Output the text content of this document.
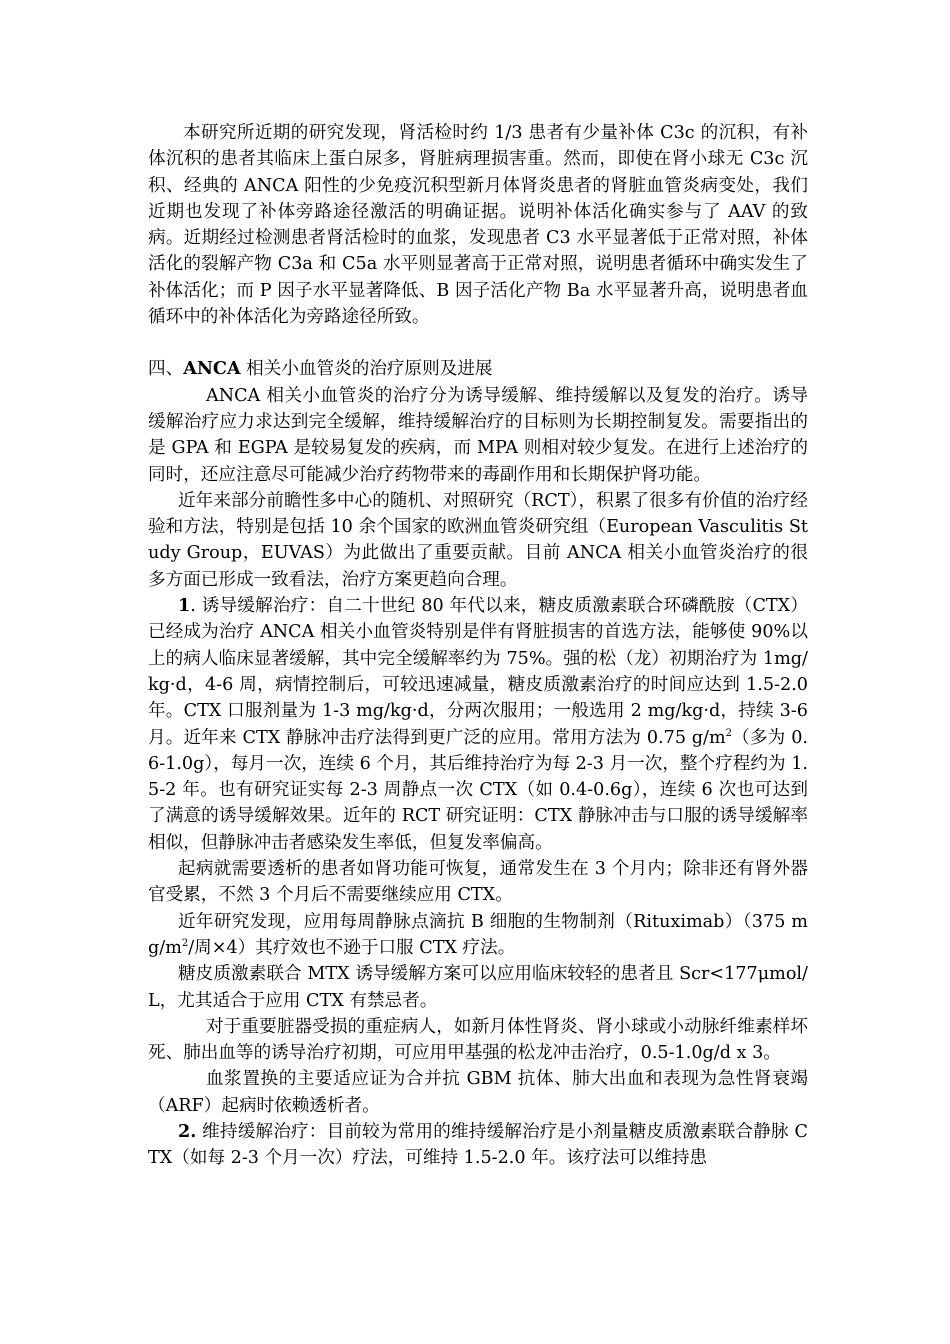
本研究所近期的研究发现，肾活检时约 1/3 患者有少量补体 C3c 的沉积，有补体沉积的患者其临床上蛋白尿多，肾脏病理损害重。然而，即使在肾小球无 C3c 沉积、经典的 ANCA 阳性的少免疫沉积型新月体肾炎患者的肾脏血管炎病变处，我们近期也发现了补体旁路途径激活的明确证据。说明补体活化确实参与了 AAV 的致病。近期经过检测患者肾活检时的血浆，发现患者 C3 水平显著低于正常对照，补体活化的裂解产物 C3a 和 C5a 水平则显著高于正常对照，说明患者循环中确实发生了补体活化；而 P 因子水平显著降低、B 因子活化产物 Ba 水平显著升高，说明患者血循环中的补体活化为旁路途径所致。

四、ANCA 相关小血管炎的治疗原则及进展

ANCA 相关小血管炎的治疗分为诱导缓解、维持缓解以及复发的治疗。诱导缓解治疗应力求达到完全缓解，维持缓解治疗的目标则为长期控制复发。需要指出的是 GPA 和 EGPA 是较易复发的疾病，而 MPA 则相对较少复发。在进行上述治疗的同时，还应注意尽可能减少治疗药物带来的毒副作用和长期保护肾功能。

近年来部分前瞻性多中心的随机、对照研究（RCT），积累了很多有价值的治疗经验和方法，特别是包括 10 余个国家的欧洲血管炎研究组（European Vasculitis Study Group，EUVAS）为此做出了重要贡献。目前 ANCA 相关小血管炎治疗的很多方面已形成一致看法，治疗方案更趋向合理。

1. 诱导缓解治疗：自二十世纪 80 年代以来，糖皮质激素联合环磷酰胺（CTX）已经成为治疗 ANCA 相关小血管炎特别是伴有肾脏损害的首选方法，能够使 90%以上的病人临床显著缓解，其中完全缓解率约为 75%。强的松（龙）初期治疗为 1mg/kg·d，4-6 周，病情控制后，可较迅速减量，糖皮质激素治疗的时间应达到 1.5-2.0 年。CTX 口服剂量为 1-3 mg/kg·d，分两次服用；一般选用 2 mg/kg·d，持续 3-6 月。近年来 CTX 静脉冲击疗法得到更广泛的应用。常用方法为 0.75 $g/m^2$（多为 0.6-1.0g），每月一次，连续 6 个月，其后维持治疗为每 2-3 月一次，整个疗程约为 1.5-2 年。也有研究证实每 2-3 周静点一次 CTX（如 0.4-0.6g），连续 6 次也可达到了满意的诱导缓解效果。近年的 RCT 研究证明：CTX 静脉冲击与口服的诱导缓解率相似，但静脉冲击者感染发生率低，但复发率偏高。

起病就需要透析的患者如肾功能可恢复，通常发生在 3 个月内；除非还有肾外器官受累，不然 3 个月后不需要继续应用 CTX。

近年研究发现，应用每周静脉点滴抗 B 细胞的生物制剂（Rituximab）（375 $mg/m^2/$周×4）其疗效也不逊于口服 CTX 疗法。

糖皮质激素联合 MTX 诱导缓解方案可以应用临床较轻的患者且 Scr<177μmol/L，尤其适合于应用 CTX 有禁忌者。

对于重要脏器受损的重症病人，如新月体性肾炎、肾小球或小动脉纤维素样坏死、肺出血等的诱导治疗初期，可应用甲基强的松龙冲击治疗，0.5-1.0g/d x 3。

血浆置换的主要适应证为合并抗 GBM 抗体、肺大出血和表现为急性肾衰竭（ARF）起病时依赖透析者。

2. 维持缓解治疗：目前较为常用的维持缓解治疗是小剂量糖皮质激素联合静脉 CTX（如每 2-3 个月一次）疗法，可维持 1.5-2.0 年。该疗法可以维持患
